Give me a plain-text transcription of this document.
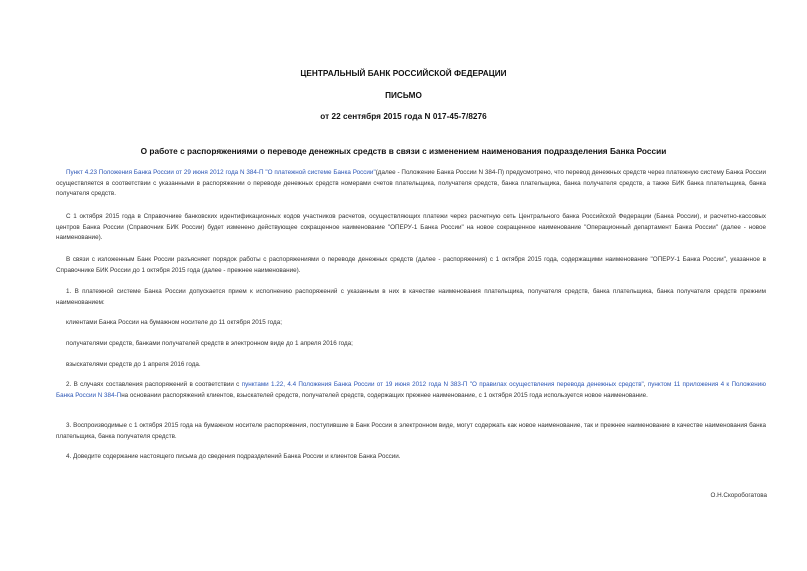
ЦЕНТРАЛЬНЫЙ БАНК РОССИЙСКОЙ ФЕДЕРАЦИИ
ПИСЬМО
от 22 сентября 2015 года N 017-45-7/8276
О работе с распоряжениями о переводе денежных средств в связи с изменением наименования подразделения Банка России
Пункт 4.23 Положения Банка России от 29 июня 2012 года N 384-П "О платежной системе Банка России"(далее - Положение Банка России N 384-П) предусмотрено, что перевод денежных средств через платежную систему Банка России осуществляется в соответствии с указанными в распоряжении о переводе денежных средств номерами счетов плательщика, получателя средств, банка плательщика, банка получателя средств, а также БИК банка плательщика, банка получателя средств.
С 1 октября 2015 года в Справочнике банковских идентификационных кодов участников расчетов, осуществляющих платежи через расчетную сеть Центрального банка Российской Федерации (Банка России), и расчетно-кассовых центров Банка России (Справочник БИК России) будет изменено действующее сокращенное наименование "ОПЕРУ-1 Банка России" на новое сокращенное наименование "Операционный департамент Банка России" (далее - новое наименование).
В связи с изложенным Банк России разъясняет порядок работы с распоряжениями о переводе денежных средств (далее - распоряжения) с 1 октября 2015 года, содержащими наименование "ОПЕРУ-1 Банка России", указанное в Справочнике БИК России до 1 октября 2015 года (далее - прежнее наименование).
1. В платежной системе Банка России допускается прием к исполнению распоряжений с указанным в них в качестве наименования плательщика, получателя средств, банка плательщика, банка получателя средств прежним наименованием:
клиентами Банка России на бумажном носителе до 11 октября 2015 года;
получателями средств, банками получателей средств в электронном виде до 1 апреля 2016 года;
взыскателями средств до 1 апреля 2016 года.
2. В случаях составления распоряжений в соответствии с пунктами 1.22, 4.4 Положения Банка России от 19 июня 2012 года N 383-П "О правилах осуществления перевода денежных средств", пунктом 11 приложения 4 к Положению Банка России N 384-Пна основании распоряжений клиентов, взыскателей средств, получателей средств, содержащих прежнее наименование, с 1 октября 2015 года используется новое наименование.
3. Воспроизводимые с 1 октября 2015 года на бумажном носителе распоряжения, поступившие в Банк России в электронном виде, могут содержать как новое наименование, так и прежнее наименование в качестве наименования банка плательщика, банка получателя средств.
4. Доведите содержание настоящего письма до сведения подразделений Банка России и клиентов Банка России.
О.Н.Скоробогатова
